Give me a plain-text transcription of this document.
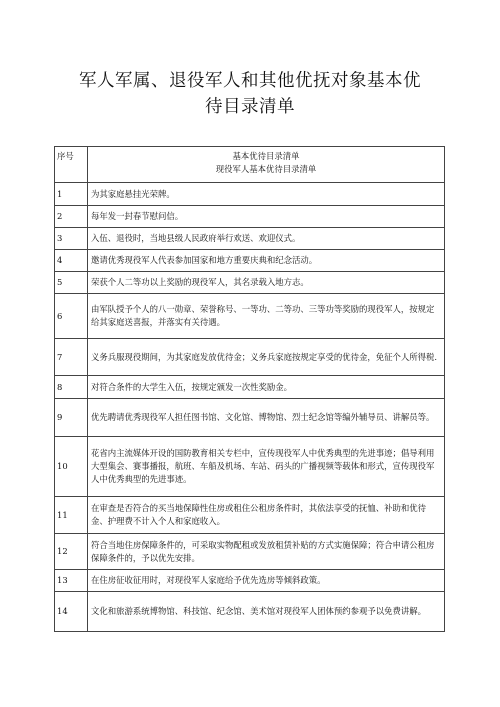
军人军属、退役军人和其他优抚对象基本优
待目录清单
序号	基本优待目录清单
现役军人基本优待目录清单

1	为其家庭悬挂光荣牌。
2	每年发一封春节慰问信。
3	入伍、退役时，当地县级人民政府举行欢送、欢迎仪式。
4	邀请优秀现役军人代表参加国家和地方重要庆典和纪念活动。
5	荣获个人二等功以上奖励的现役军人，其名录载入地方志。
6	由军队授予个人的八一勋章、荣誉称号、一等功、二等功、三等功等奖励的现役军人，按规定给其家庭送喜报，并落实有关待遇。
7	义务兵服现役期间，为其家庭发放优待金；义务兵家庭按规定享受的优待金，免征个人所得税.
8	对符合条件的大学生入伍，按规定颁发一次性奖励金。
9	优先聘请优秀现役军人担任图书馆、文化馆、博物馆、烈士纪念馆等编外辅导员、讲解员等。
10	花省内主流媒体开设的国防教育相关专栏中，宣传现役军人中优秀典型的先进事迹；倡导利用大型集会、赛事播报，航班、车船及机场、车站、码头的广播视频等载体和形式，宣传现役军人中优秀典型的先进事迹。
11	在审查是否符合的买当地保障性住房或租住公租房条件时，其依法享受的抚恤、补助和优待金、护理费不计入个人和家庭收入。
12	符合当地住房保障条件的，可采取实物配租或发放租赁补贴的方式实施保障；符合申请公租房保障条件的，予以优先安排。
13	在住房征收征用时，对现役军人家庭给予优先选房等倾斜政策。
14	文化和旅游系统博物馆、科技馆、纪念馆、美术馆对现役军人团体预约参观予以免费讲解。
